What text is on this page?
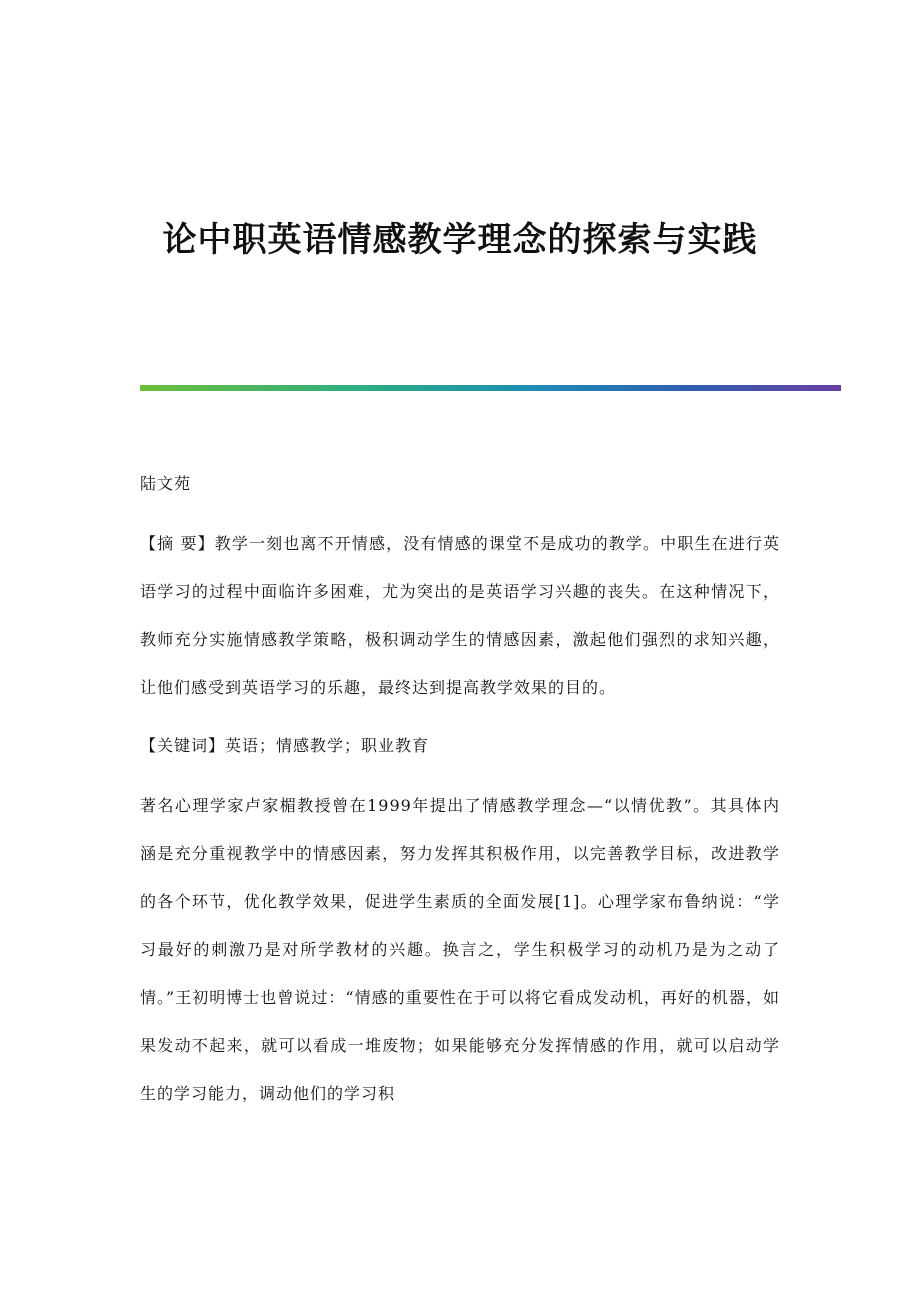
论中职英语情感教学理念的探索与实践

陆文苑

【摘 要】教学一刻也离不开情感，没有情感的课堂不是成功的教学。中职生在进行英语学习的过程中面临许多困难，尤为突出的是英语学习兴趣的丧失。在这种情况下，教师充分实施情感教学策略，极积调动学生的情感因素，激起他们强烈的求知兴趣，让他们感受到英语学习的乐趣，最终达到提高教学效果的目的。

【关键词】英语；情感教学；职业教育

著名心理学家卢家楣教授曾在1999年提出了情感教学理念—“以情优教”。其具体内涵是充分重视教学中的情感因素，努力发挥其积极作用，以完善教学目标，改进教学的各个环节，优化教学效果，促进学生素质的全面发展[1]。心理学家布鲁纳说：“学习最好的刺激乃是对所学教材的兴趣。换言之，学生积极学习的动机乃是为之动了情。”王初明博士也曾说过：“情感的重要性在于可以将它看成发动机，再好的机器，如果发动不起来，就可以看成一堆废物；如果能够充分发挥情感的作用，就可以启动学生的学习能力，调动他们的学习积
